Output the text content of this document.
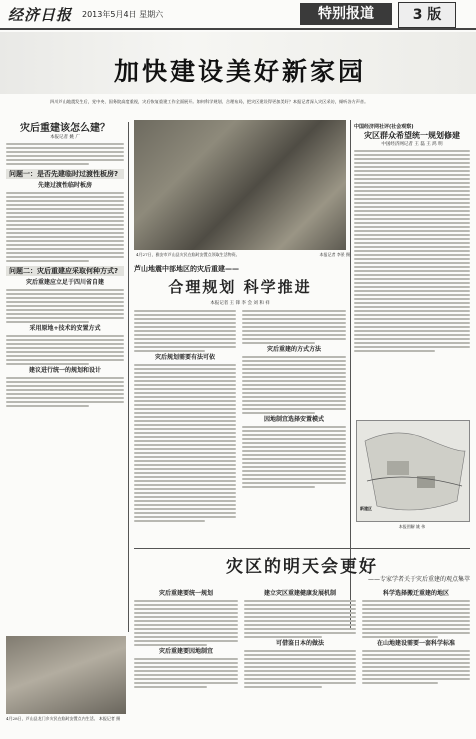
经济日报 2013年5月4日 星期六	特别报道	3 版
加快建设美好新家园
四川芦山地震发生后，党中央、国务院高度重视，灾后恢复重建工作全面展开。如何科学规划、合理布局，把灾区建设得更加美好？本报记者深入灾区采访，倾听各方声音。
灾后重建该怎么建？
本报记者 姚 广
问题一：是否先建临时过渡性板房?
先建过渡性临时板房
问题二：灾后重建应采取何种方式?
灾后重建应立足于四川省自建
采用原地+技术的安置方式
建议进行统一的规划和设计
4月27日，雅安市芦山县灾民在临时安置点领取生活物资。	本报记者 李景 摄
芦山地震中部地区的灾后重建——
合理规划 科学推进
本报记者 王 锋 李 会 刘 和 祥
灾后规划需要有法可依
灾后重建的方式方法
因地制宜选择安置模式
中国经济网社评(社会观察)
灾区群众希望统一规划修建
中国经济网记者 王 磊 王 鸿 明
新建区
本报图解 姚 伟
灾区的明天会更好
——专家学者关于灾后重建的观点集萃
灾后重建要统一规划
灾后重建要因地制宜
建立灾区重建健康发展机制
可借鉴日本的做法
科学选择搬迁重建的地区
在山地建设需要一套科学标准
4月28日，芦山县龙门乡灾民在临时安置点内生活。 本报记者 摄
